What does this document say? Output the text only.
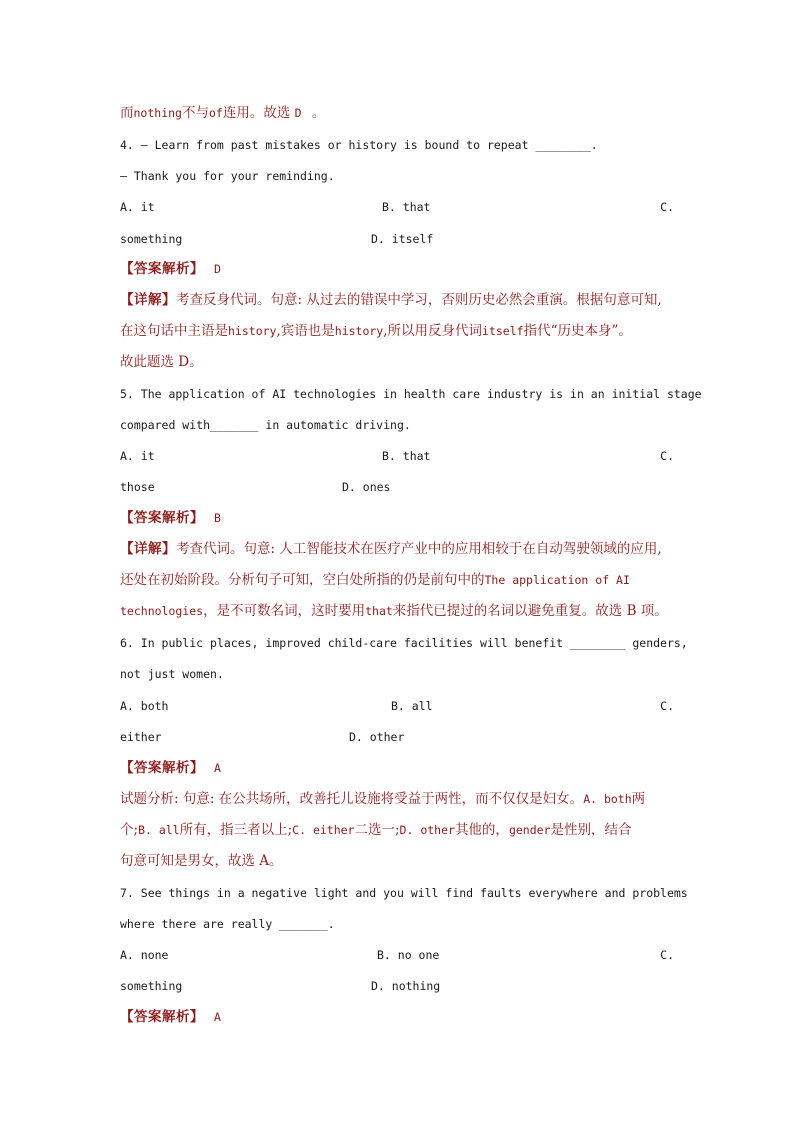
而nothing不与of连用。故选 D 。
4. — Learn from past mistakes or history is bound to repeat ________.
— Thank you for your reminding.
A. it	B. that	C.
something	D. itself
【答案解析】 D
【详解】考查反身代词。句意: 从过去的错误中学习，否则历史必然会重演。根据句意可知,
在这句话中主语是history,宾语也是history,所以用反身代词itself指代“历史本身”。
故此题选 D。
5. The application of AI technologies in health care industry is in an initial stage
compared with_______ in automatic driving.
A. it	B. that	C.
those	D. ones
【答案解析】 B
【详解】考查代词。句意: 人工智能技术在医疗产业中的应用相较于在自动驾驶领域的应用,
还处在初始阶段。分析句子可知，空白处所指的仍是前句中的The application of AI
technologies，是不可数名词，这时要用that来指代已提过的名词以避免重复。故选 B 项。
6. In public places, improved child-care facilities will benefit ________ genders,
not just women.
A. both	B. all	C.
either	D. other
【答案解析】 A
试题分析: 句意: 在公共场所，改善托儿设施将受益于两性，而不仅仅是妇女。A. both两
个;B. all所有，指三者以上;C. either二选一;D. other其他的，gender是性别，结合
句意可知是男女，故选 A。
7. See things in a negative light and you will find faults everywhere and problems
where there are really _______.
A. none	B. no one	C.
something	D. nothing
【答案解析】 A
